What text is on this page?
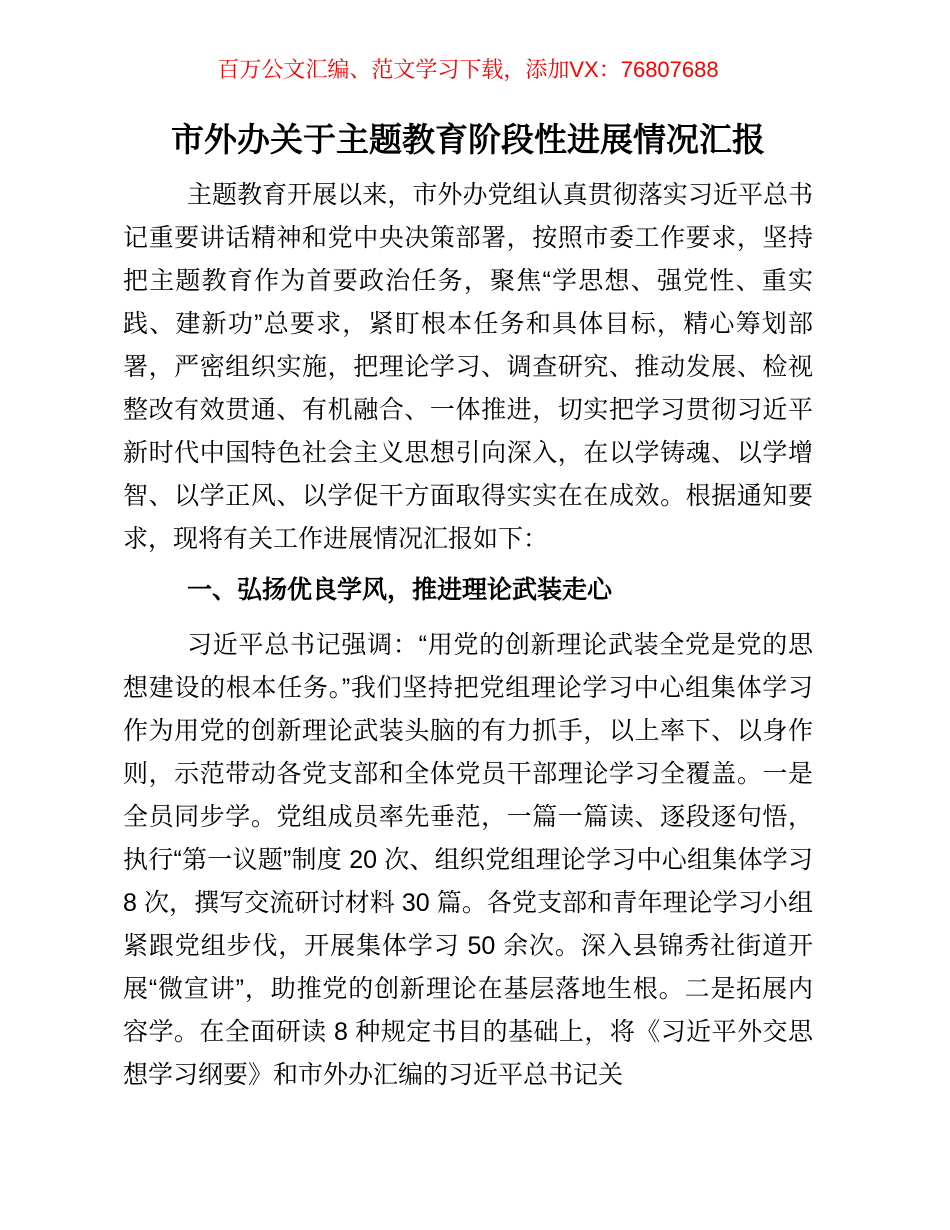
百万公文汇编、范文学习下载，添加VX：76807688
市外办关于主题教育阶段性进展情况汇报

主题教育开展以来，市外办党组认真贯彻落实习近平总书记重要讲话精神和党中央决策部署，按照市委工作要求，坚持把主题教育作为首要政治任务，聚焦“学思想、强党性、重实践、建新功”总要求，紧盯根本任务和具体目标，精心筹划部署，严密组织实施，把理论学习、调查研究、推动发展、检视整改有效贯通、有机融合、一体推进，切实把学习贯彻习近平新时代中国特色社会主义思想引向深入，在以学铸魂、以学增智、以学正风、以学促干方面取得实实在在成效。根据通知要求，现将有关工作进展情况汇报如下：

一、弘扬优良学风，推进理论武装走心

习近平总书记强调：“用党的创新理论武装全党是党的思想建设的根本任务。”我们坚持把党组理论学习中心组集体学习作为用党的创新理论武装头脑的有力抓手，以上率下、以身作则，示范带动各党支部和全体党员干部理论学习全覆盖。一是全员同步学。党组成员率先垂范，一篇一篇读、逐段逐句悟，执行“第一议题”制度 20 次、组织党组理论学习中心组集体学习 8 次，撰写交流研讨材料 30 篇。各党支部和青年理论学习小组紧跟党组步伐，开展集体学习 50 余次。深入县锦秀社街道开展“微宣讲”，助推党的创新理论在基层落地生根。二是拓展内容学。在全面研读 8 种规定书目的基础上，将《习近平外交思想学习纲要》和市外办汇编的习近平总书记关
